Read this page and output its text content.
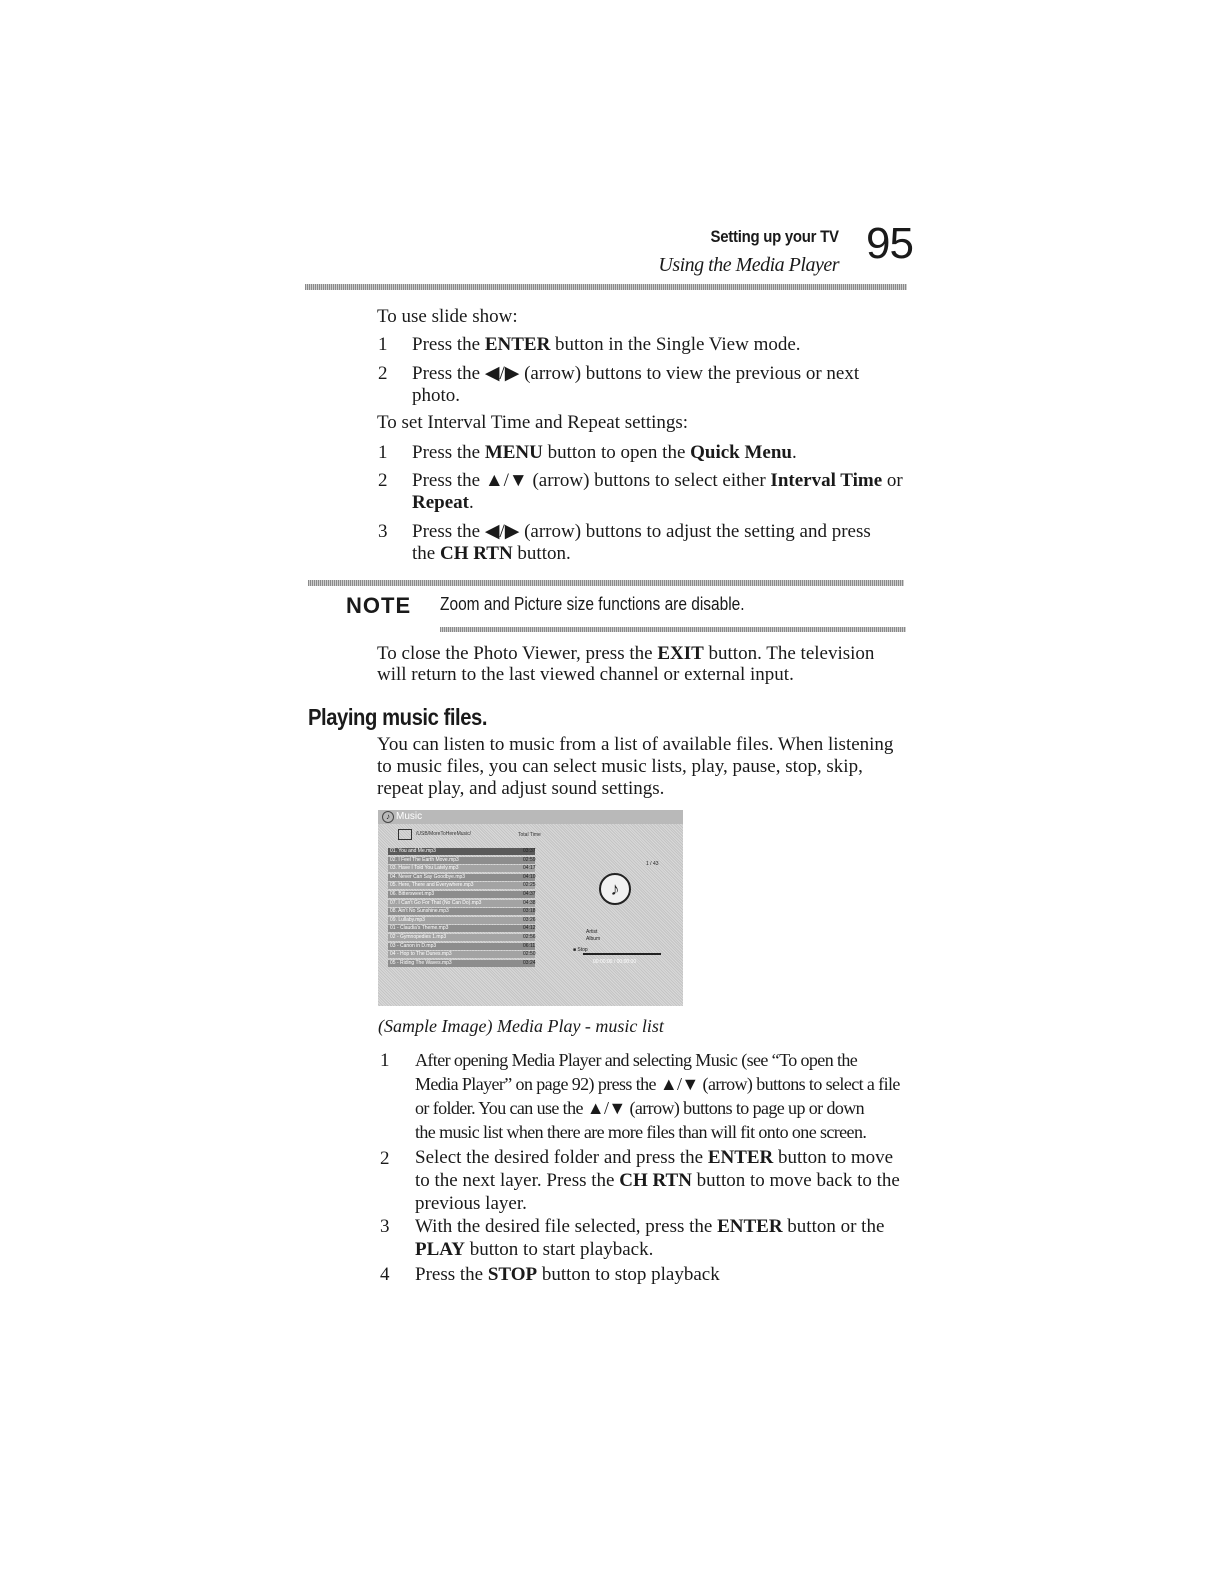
Setting up your TV
Using the Media Player 95
To use slide show:
1 Press the ENTER button in the Single View mode.
2 Press the ◀/▶ (arrow) buttons to view the previous or next
photo.
To set Interval Time and Repeat settings:
1 Press the MENU button to open the Quick Menu.
2 Press the ▲/▼ (arrow) buttons to select either Interval Time or
Repeat.
3 Press the ◀/▶ (arrow) buttons to adjust the setting and press
the CH RTN button.
NOTE Zoom and Picture size functions are disable.
To close the Photo Viewer, press the EXIT button. The television
will return to the last viewed channel or external input.
Playing music files.
You can listen to music from a list of available files. When listening
to music files, you can select music lists, play, pause, stop, skip,
repeat play, and adjust sound settings.
♪ Music
/USB/MoreToHereMusic/	Total Time
01. You and Me.mp3	03:37
02. I Feel The Earth Move.mp3	02:59
03. Have I Told You Lately.mp3	04:17
04. Never Can Say Goodbye.mp3	04:10
05. Here, There and Everywhere.mp3	02:25
06. Bittersweet.mp3	04:37
07. I Can't Go For That (No Can Do).mp3	04:38
08. Ain't No Sunshine.mp3	03:18
09. Lullaby.mp3	03:26
01 - Claudia's Theme.mp3	04:12
02 - Gymnopedies 1.mp3	02:56
03 - Canon in D.mp3	06:11
04 - Hop to The Dunes.mp3	02:50
05 - Riding The Waves.mp3	03:24
1 / 43
♪
Artist
Album
■ Stop
00:00:00 / 00:00:00
(Sample Image) Media Play - music list
1 After opening Media Player and selecting Music (see “To open the
Media Player” on page 92) press the ▲/▼ (arrow) buttons to select a file
or folder. You can use the ▲/▼ (arrow) buttons to page up or down
the music list when there are more files than will fit onto one screen.
2 Select the desired folder and press the ENTER button to move
to the next layer. Press the CH RTN button to move back to the
previous layer.
3 With the desired file selected, press the ENTER button or the
PLAY button to start playback.
4 Press the STOP button to stop playback
